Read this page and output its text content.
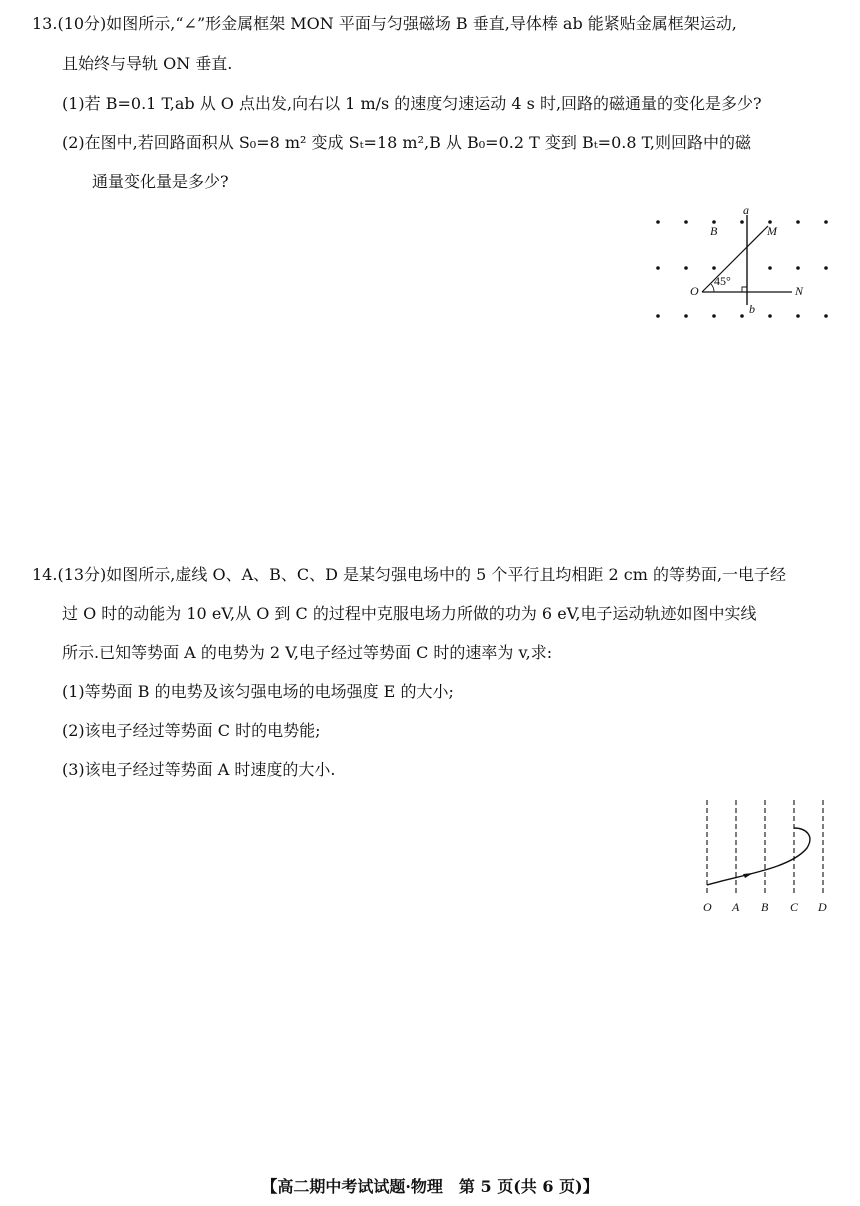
13.(10分)如图所示,“∠”形金属框架 MON 平面与匀强磁场 B 垂直,导体棒 ab 能紧贴金属框架运动,
且始终与导轨 ON 垂直.
(1)若 B=0.1 T,ab 从 O 点出发,向右以 1 m/s 的速度匀速运动 4 s 时,回路的磁通量的变化是多少?
(2)在图中,若回路面积从 S₀=8 m² 变成 Sₜ=18 m²,B 从 B₀=0.2 T 变到 Bₜ=0.8 T,则回路中的磁
通量变化量是多少?
a
B	M
45°
O	N
b
14.(13分)如图所示,虚线 O、A、B、C、D 是某匀强电场中的 5 个平行且均相距 2 cm 的等势面,一电子经
过 O 时的动能为 10 eV,从 O 到 C 的过程中克服电场力所做的功为 6 eV,电子运动轨迹如图中实线
所示.已知等势面 A 的电势为 2 V,电子经过等势面 C 时的速率为 v,求:
(1)等势面 B 的电势及该匀强电场的电场强度 E 的大小;
(2)该电子经过等势面 C 时的电势能;
(3)该电子经过等势面 A 时速度的大小.
O A B C D
【高二期中考试试题·物理　第 5 页(共 6 页)】
